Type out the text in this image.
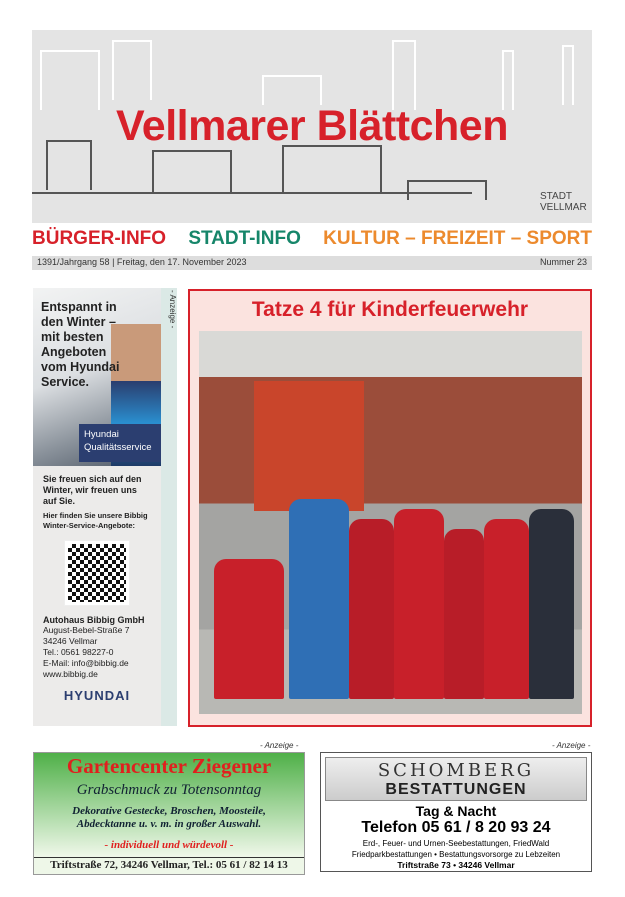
Vellmarer Blättchen
STADT VELLMAR
BÜRGER-INFO STADT-INFO KULTUR – FREIZEIT – SPORT
1391/Jahrgang 58 | Freitag, den 17. November 2023	Nummer 23
Entspannt in den Winter – mit besten Angeboten vom Hyundai Service.
Hyundai
Qualitätsservice
- Anzeige -
Sie freuen sich auf den Winter, wir freuen uns auf Sie.
Hier finden Sie unsere Bibbig Winter-Service-Angebote:
Autohaus Bibbig GmbH
August-Bebel-Straße 7
34246 Vellmar
Tel.: 0561 98227-0
E-Mail: info@bibbig.de
www.bibbig.de
HYUNDAI
Tatze 4 für Kinderfeuerwehr
- Anzeige -
Gartencenter Ziegener
Grabschmuck zu Totensonntag
Dekorative Gestecke, Broschen, Moosteile,
Abdecktanne u. v. m. in großer Auswahl.
- individuell und würdevoll -
Triftstraße 72, 34246 Vellmar, Tel.: 05 61 / 82 14 13
- Anzeige -
SCHOMBERG
BESTATTUNGEN
Tag & Nacht
Telefon 05 61 / 8 20 93 24
Erd-, Feuer- und Urnen-Seebestattungen, FriedWald
Friedparkbestattungen • Bestattungsvorsorge zu Lebzeiten
Triftstraße 73 • 34246 Vellmar
